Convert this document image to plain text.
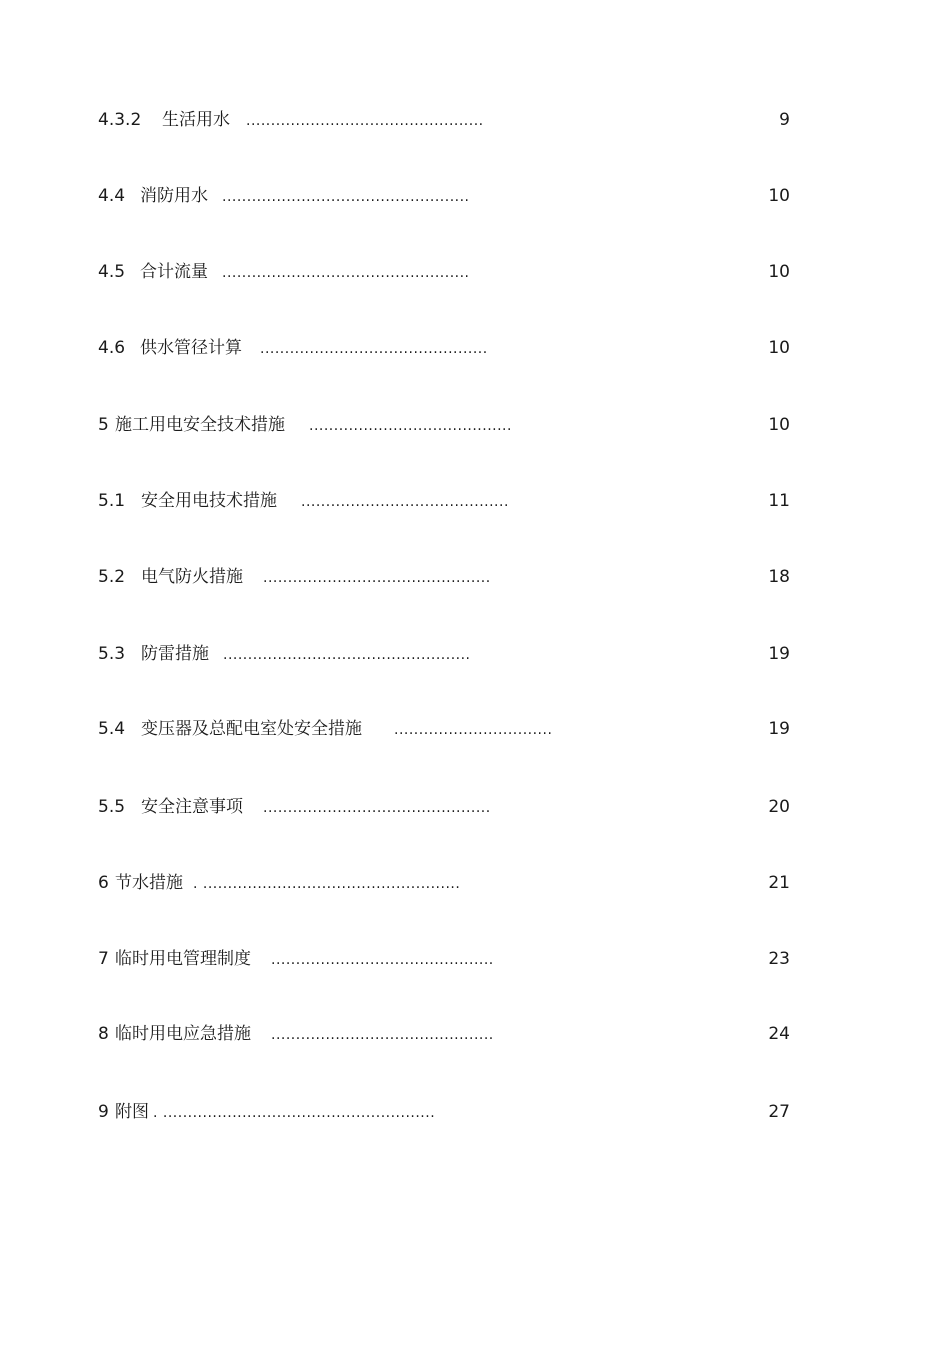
4.3.2 生活用水 ................................................	9
4.4 消防用水 ..................................................	10
4.5 合计流量 ..................................................	10
4.6 供水管径计算 ..............................................	10
5 施工用电安全技术措施 .........................................	10
5.1 安全用电技术措施 ..........................................	11
5.2 电气防火措施 ..............................................	18
5.3 防雷措施 ..................................................	19
5.4 变压器及总配电室处安全措施 ................................	19
5.5 安全注意事项 ..............................................	20
6 节水措施 . ....................................................	21
7 临时用电管理制度 .............................................	23
8 临时用电应急措施 .............................................	24
9 附图 . .......................................................	27
